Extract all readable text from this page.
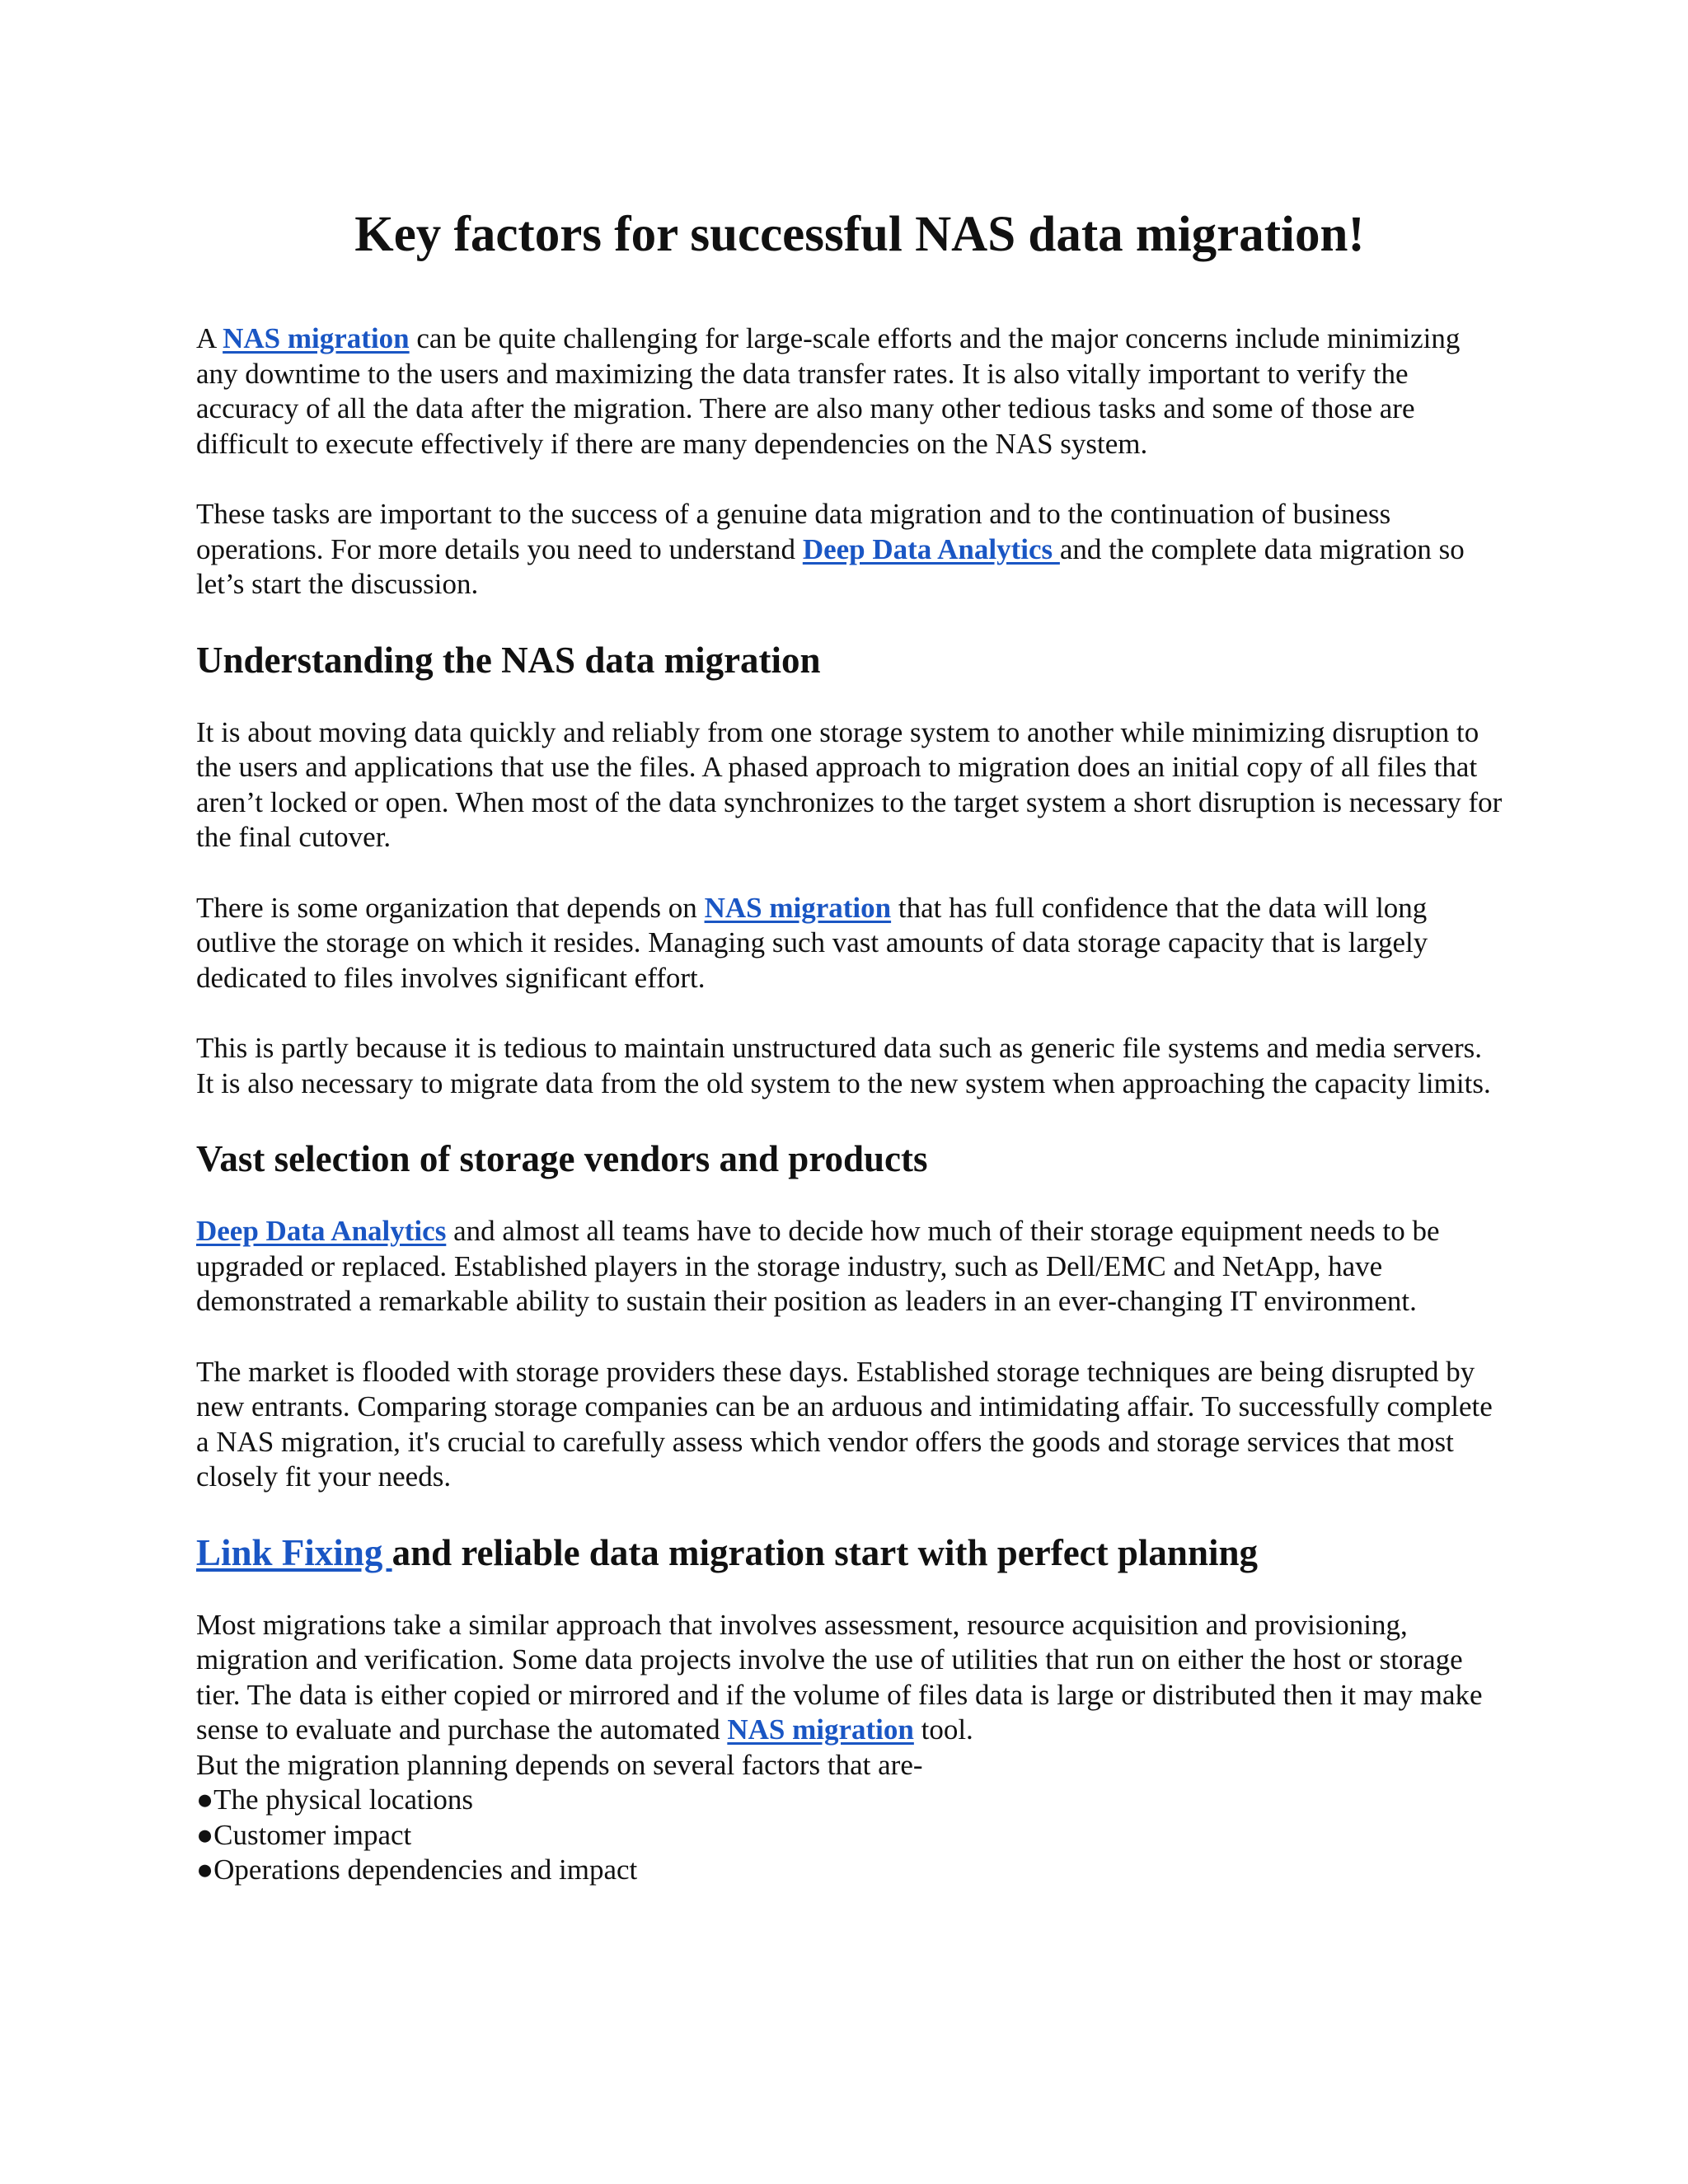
Key factors for successful NAS data migration!

A NAS migration can be quite challenging for large-scale efforts and the major concerns include minimizing any downtime to the users and maximizing the data transfer rates. It is also vitally important to verify the accuracy of all the data after the migration. There are also many other tedious tasks and some of those are difficult to execute effectively if there are many dependencies on the NAS system.

These tasks are important to the success of a genuine data migration and to the continuation of business operations. For more details you need to understand Deep Data Analytics and the complete data migration so let’s start the discussion.

Understanding the NAS data migration

It is about moving data quickly and reliably from one storage system to another while minimizing disruption to the users and applications that use the files. A phased approach to migration does an initial copy of all files that aren’t locked or open. When most of the data synchronizes to the target system a short disruption is necessary for the final cutover.

There is some organization that depends on NAS migration that has full confidence that the data will long outlive the storage on which it resides. Managing such vast amounts of data storage capacity that is largely dedicated to files involves significant effort.

This is partly because it is tedious to maintain unstructured data such as generic file systems and media servers. It is also necessary to migrate data from the old system to the new system when approaching the capacity limits.

Vast selection of storage vendors and products

Deep Data Analytics and almost all teams have to decide how much of their storage equipment needs to be upgraded or replaced. Established players in the storage industry, such as Dell/EMC and NetApp, have demonstrated a remarkable ability to sustain their position as leaders in an ever-changing IT environment.

The market is flooded with storage providers these days. Established storage techniques are being disrupted by new entrants. Comparing storage companies can be an arduous and intimidating affair. To successfully complete a NAS migration, it's crucial to carefully assess which vendor offers the goods and storage services that most closely fit your needs.

Link Fixing and reliable data migration start with perfect planning

Most migrations take a similar approach that involves assessment, resource acquisition and provisioning, migration and verification. Some data projects involve the use of utilities that run on either the host or storage tier. The data is either copied or mirrored and if the volume of files data is large or distributed then it may make sense to evaluate and purchase the automated NAS migration tool.

But the migration planning depends on several factors that are-

●The physical locations
●Customer impact
●Operations dependencies and impact
